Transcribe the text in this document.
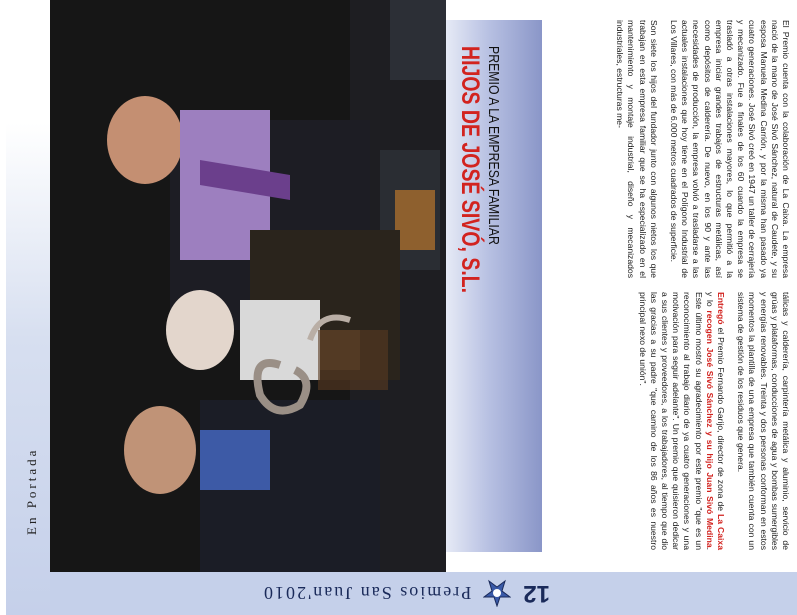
En Portada
PREMIO A LA EMPRESA FAMILIAR
HIJOS DE JOSÉ SIVÓ, S.L.	El Premio cuenta con la colaboración de La Caixa. La empresa nació de la mano de José Sivó Sánchez, natural de Caudete, y su esposa Manuela Medina Carrión, y por la misma han pasado ya cuatro generaciones. José Sivó creó en 1947 un taller de cerrajería y mecanizado. Fue a finales de los 60 cuando la empresa se trasladó a otras instalaciones mayores, lo que permitió a la empresa iniciar grandes trabajos de estructuras metálicas, así como depósitos de calderería. De nuevo, en los 90 y ante las necesidades de producción, la empresa volvió a trasladarse a las actuales instalaciones que hoy tiene en el Polígono Industrial de Los Villares, con más de 6.000 metros cuadrados de superficie.

Son siete los hijos del fundador junto con algunos nietos los que trabajan en esta empresa familiar que se ha especializado en el mantenimiento y montaje industrial, diseño y mecanizados industriales, estructuras me-

tálicas y calderería, carpintería metálica y aluminio, servicio de grúas y plataformas, conducciones de agua y bombas sumergibles y energías renovables. Treinta y dos personas conforman en estos momentos la plantilla de una empresa que también cuenta con un sistema de gestión de los residuos que genera.

Entregó el Premio Fernando Garijo, director de zona de La Caixa y lo recogen José Sivó Sánchez y su hijo Juan Sivó Medina. Este último mostró su agradecimiento por este premio "que es un reconocimiento al trabajo diario de ya cuatro generaciones y una motivación para seguir adelante". Un premio que quisieron dedicar a sus clientes y proveedores, a los trabajadores, al tiempo que dio las gracias a su padre "que camino de los 86 años es nuestro principal nexo de unión".

12
Premios San Juan'2010
